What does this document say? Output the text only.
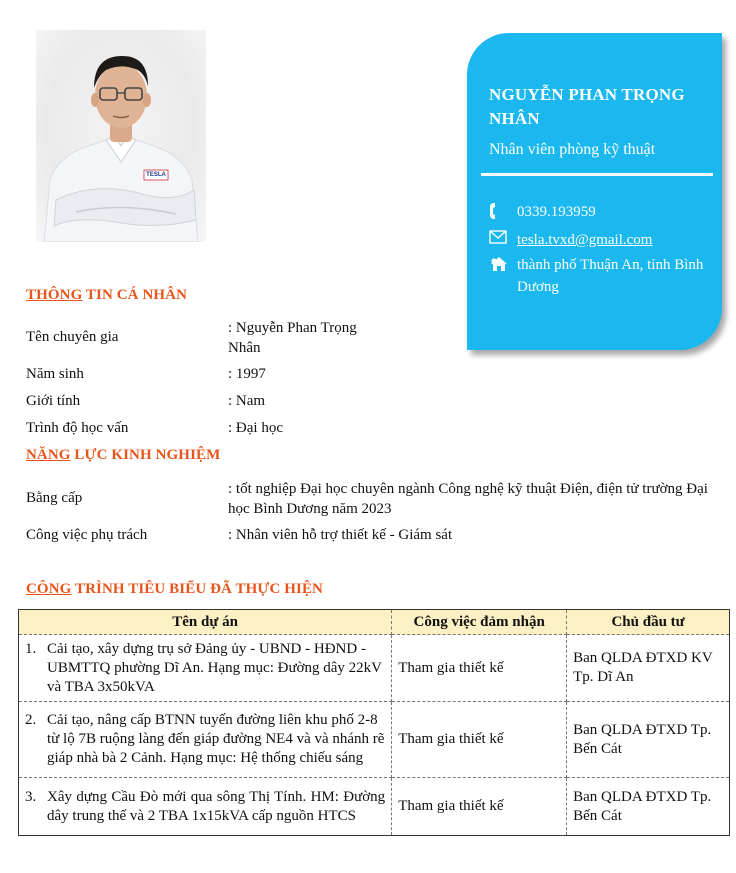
TESLA
NGUYỄN PHAN TRỌNG NHÂN
Nhân viên phòng kỹ thuật
0339.193959
tesla.tvxd@gmail.com
thành phố Thuận An, tỉnh Bình Dương
THÔNG TIN CÁ NHÂN
Tên chuyên gia
: Nguyễn Phan Trọng Nhân
Năm sinh	: 1997
Giới tính	: Nam
Trình độ học vấn	: Đại học
NĂNG LỰC KINH NGHIỆM
Bằng cấp
: tốt nghiệp Đại học chuyên ngành Công nghệ kỹ thuật Điện, điện tử trường Đại học Bình Dương năm 2023
Công việc phụ trách	: Nhân viên hỗ trợ thiết kế - Giám sát
CÔNG TRÌNH TIÊU BIỂU ĐÃ THỰC HIỆN
Tên dự án	Công việc đảm nhận	Chủ đầu tư

1. Cải tạo, xây dựng trụ sở Đảng ủy - UBND - HĐND - UBMTTQ phường Dĩ An. Hạng mục: Đường dây 22kV và TBA 3x50kVA	Tham gia thiết kế	Ban QLDA ĐTXD KV Tp. Dĩ An

2. Cải tạo, nâng cấp BTNN tuyến đường liên khu phố 2-8 từ lộ 7B ruộng làng đến giáp đường NE4 và và nhánh rẽ giáp nhà bà 2 Cảnh. Hạng mục: Hệ thống chiếu sáng	Tham gia thiết kế	Ban QLDA ĐTXD Tp. Bến Cát

3. Xây dựng Cầu Đò mới qua sông Thị Tính. HM: Đường dây trung thế và 2 TBA 1x15kVA cấp nguồn HTCS	Tham gia thiết kế	Ban QLDA ĐTXD Tp. Bến Cát
